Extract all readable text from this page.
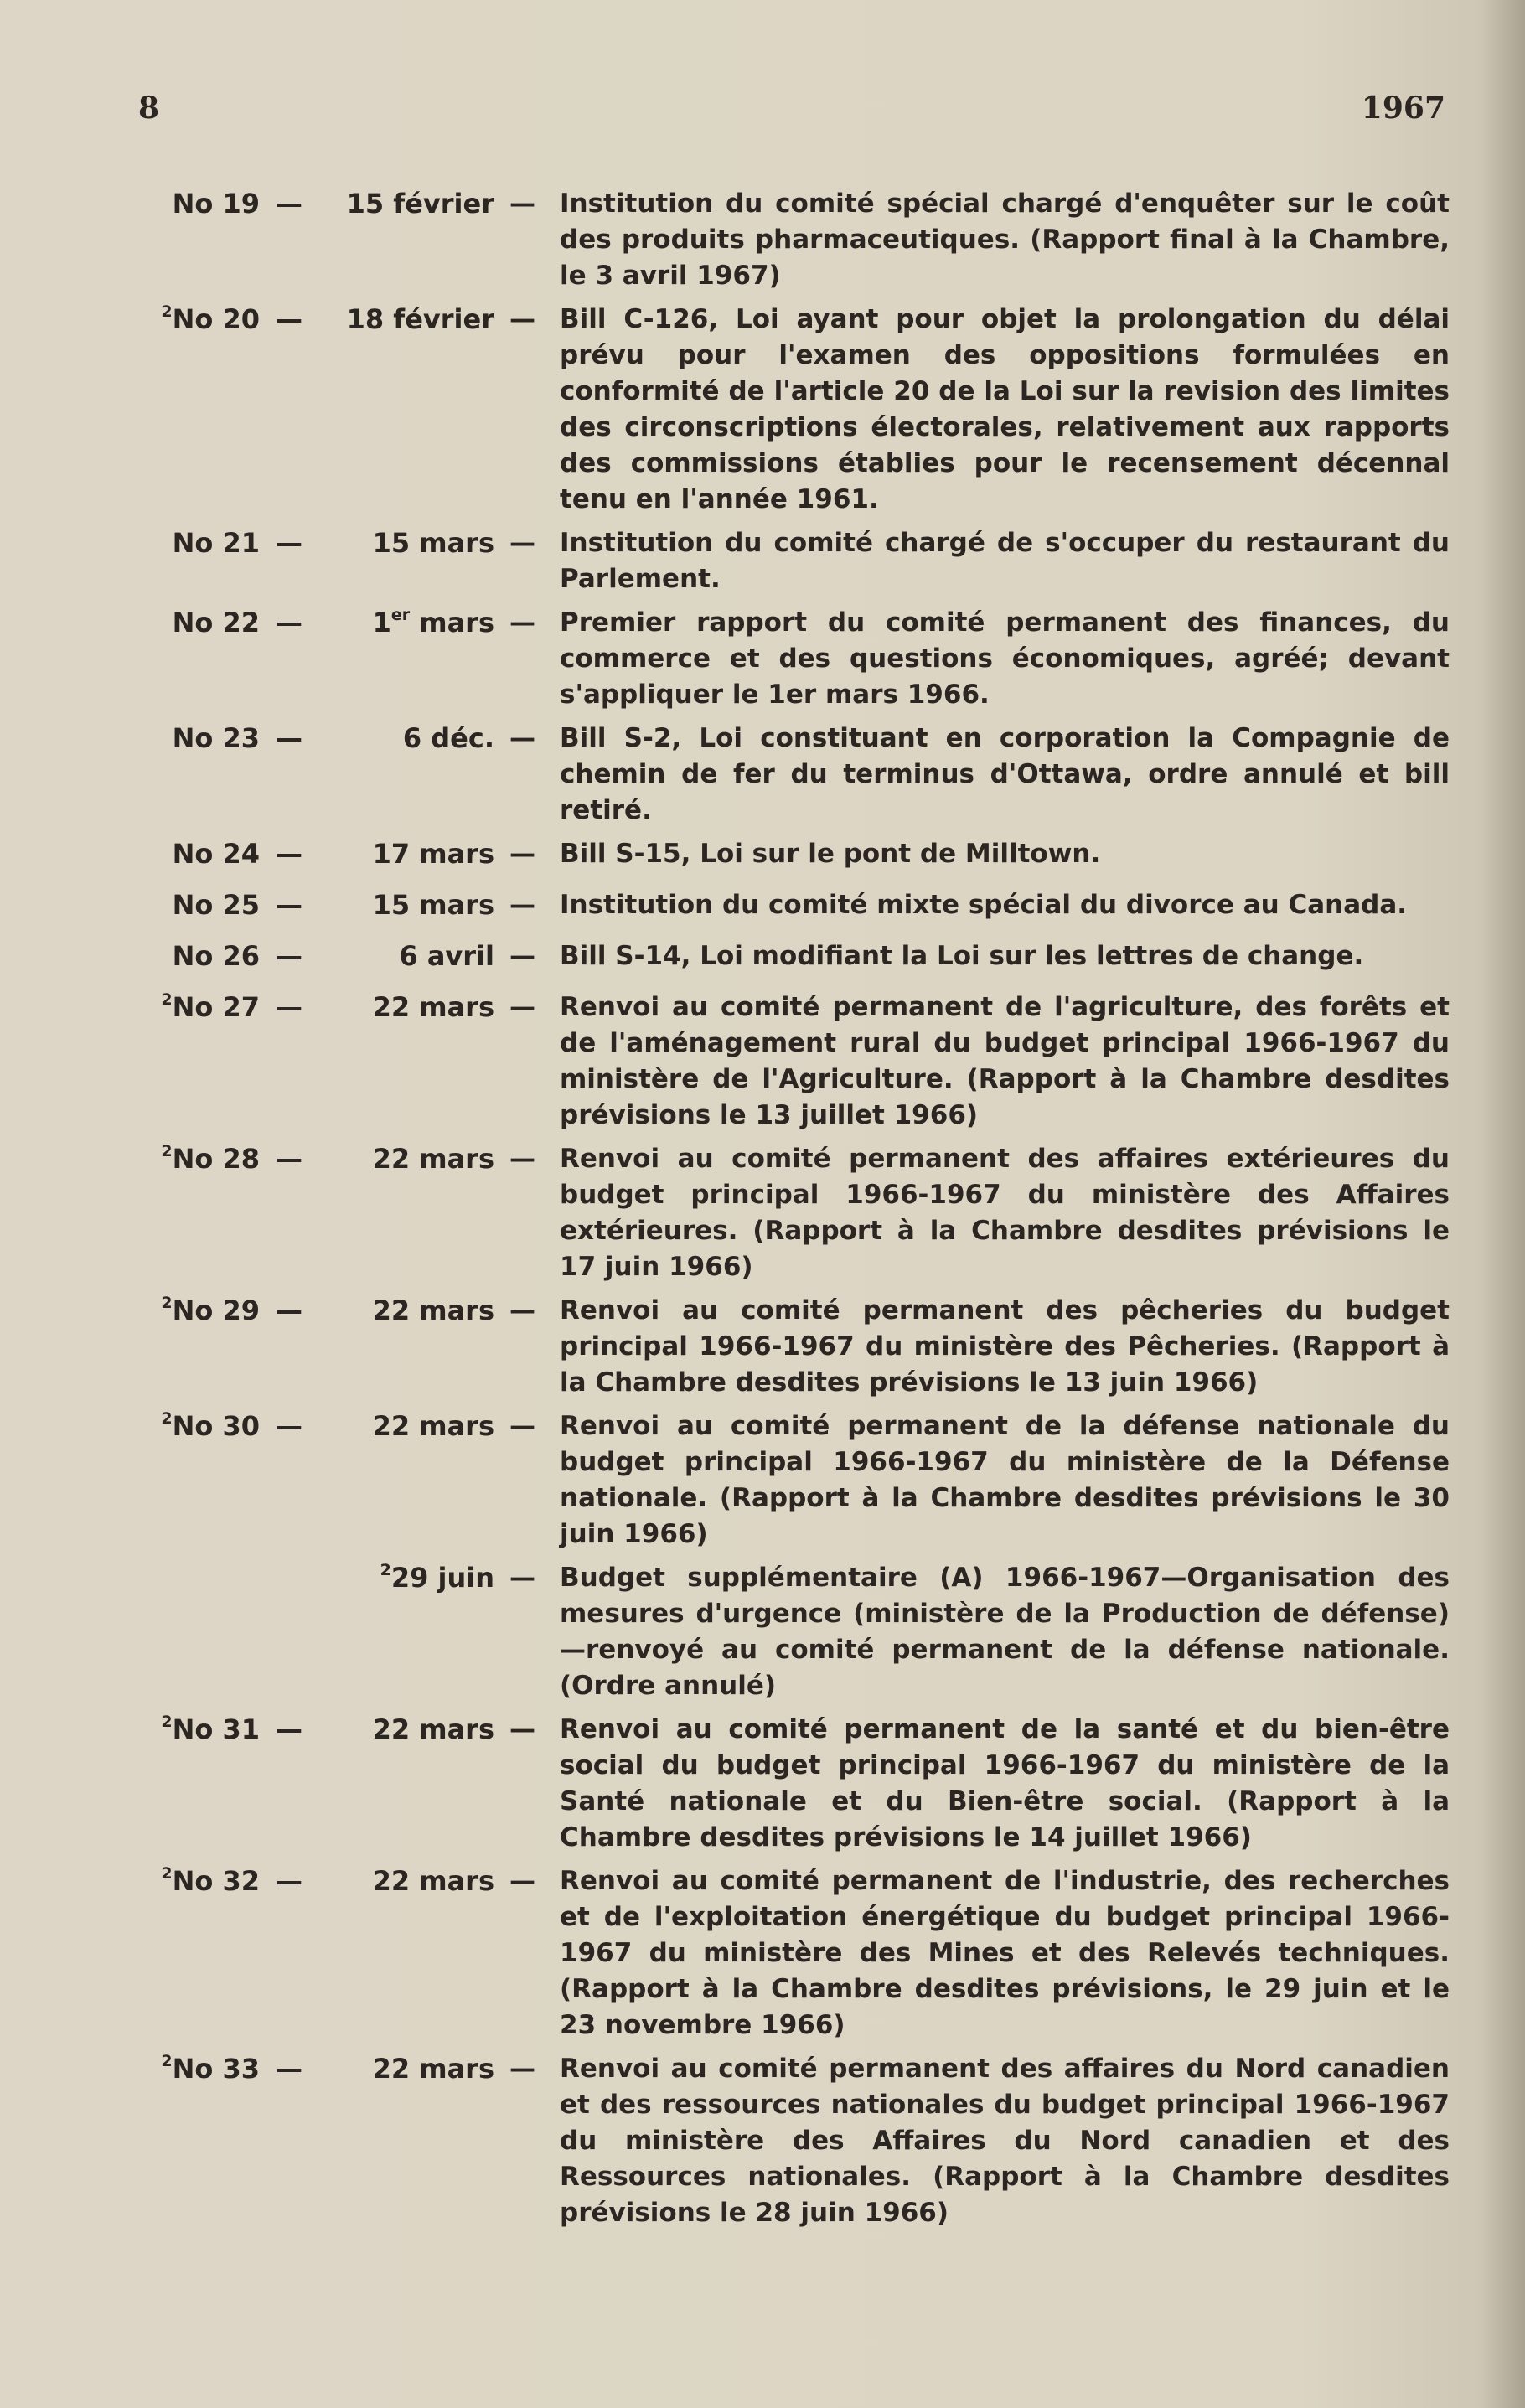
8	1967
No 19 — 15 février — Institution du comité spécial chargé d'enquêter sur le coût des produits pharmaceutiques. (Rapport final à la Chambre, le 3 avril 1967)
$^2$No 20 — 18 février — Bill C-126, Loi ayant pour objet la prolongation du délai prévu pour l'examen des oppositions formulées en conformité de l'article 20 de la Loi sur la revision des limites des circonscriptions électorales, relativement aux rapports des commissions établies pour le recensement décennal tenu en l'année 1961.
No 21 —	15 mars — Institution du comité chargé de s'occuper du restaurant du Parlement.
No 22 —	1er mars — Premier rapport du comité permanent des finances, du commerce et des questions économiques, agréé; devant s'appliquer le 1er mars 1966.
No 23 —	6 déc. — Bill S-2, Loi constituant en corporation la Compagnie de chemin de fer du terminus d'Ottawa, ordre annulé et bill retiré.
No 24 —	17 mars — Bill S-15, Loi sur le pont de Milltown.
No 25 —	15 mars — Institution du comité mixte spécial du divorce au Canada.
No 26 —	6 avril — Bill S-14, Loi modifiant la Loi sur les lettres de change.
$^2$No 27 —	22 mars — Renvoi au comité permanent de l'agriculture, des forêts et de l'aménagement rural du budget principal 1966-1967 du ministère de l'Agriculture. (Rapport à la Chambre desdites prévisions le 13 juillet 1966)
$^2$No 28 —	22 mars — Renvoi au comité permanent des affaires extérieures du budget principal 1966-1967 du ministère des Affaires extérieures. (Rapport à la Chambre desdites prévisions le 17 juin 1966)
$^2$No 29 —	22 mars — Renvoi au comité permanent des pêcheries du budget principal 1966-1967 du ministère des Pêcheries. (Rapport à la Chambre desdites prévisions le 13 juin 1966)
$^2$No 30 —	22 mars — Renvoi au comité permanent de la défense nationale du budget principal 1966-1967 du ministère de la Défense nationale. (Rapport à la Chambre desdites prévisions le 30 juin 1966)
$^2$29 juin — Budget supplémentaire (A) 1966-1967—Organisation des mesures d'urgence (ministère de la Production de défense) —renvoyé au comité permanent de la défense nationale. (Ordre annulé)
$^2$No 31 —	22 mars — Renvoi au comité permanent de la santé et du bien-être social du budget principal 1966-1967 du ministère de la Santé nationale et du Bien-être social. (Rapport à la Chambre desdites prévisions le 14 juillet 1966)
$^2$No 32 —	22 mars — Renvoi au comité permanent de l'industrie, des recherches et de l'exploitation énergétique du budget principal 1966-1967 du ministère des Mines et des Relevés techniques. (Rapport à la Chambre desdites prévisions, le 29 juin et le 23 novembre 1966)
$^2$No 33 —	22 mars — Renvoi au comité permanent des affaires du Nord canadien et des ressources nationales du budget principal 1966-1967 du ministère des Affaires du Nord canadien et des Ressources nationales. (Rapport à la Chambre desdites prévisions le 28 juin 1966)
